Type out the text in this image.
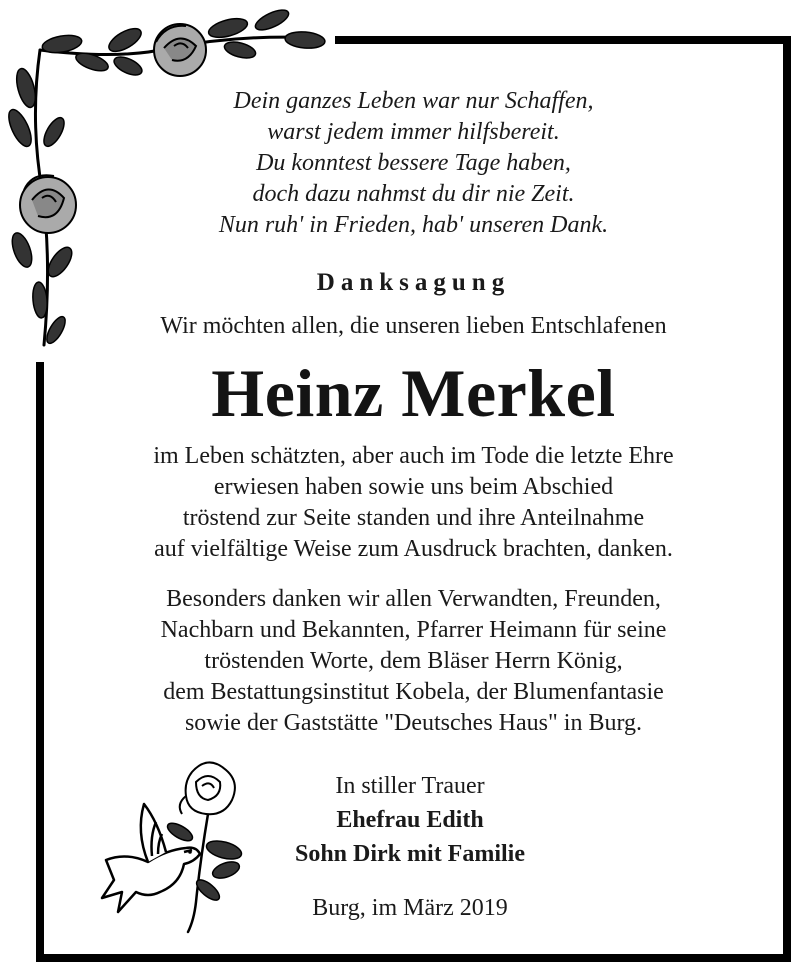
Dein ganzes Leben war nur Schaffen,
warst jedem immer hilfsbereit.
Du konntest bessere Tage haben,
doch dazu nahmst du dir nie Zeit.
Nun ruh' in Frieden, hab' unseren Dank.
Danksagung
Wir möchten allen, die unseren lieben Entschlafenen
Heinz Merkel
im Leben schätzten, aber auch im Tode die letzte Ehre
erwiesen haben sowie uns beim Abschied
tröstend zur Seite standen und ihre Anteilnahme
auf vielfältige Weise zum Ausdruck brachten, danken.
Besonders danken wir allen Verwandten, Freunden,
Nachbarn und Bekannten, Pfarrer Heimann für seine
tröstenden Worte, dem Bläser Herrn König,
dem Bestattungsinstitut Kobela, der Blumenfantasie
sowie der Gaststätte "Deutsches Haus" in Burg.
In stiller Trauer
Ehefrau Edith
Sohn Dirk mit Familie
Burg, im März 2019
